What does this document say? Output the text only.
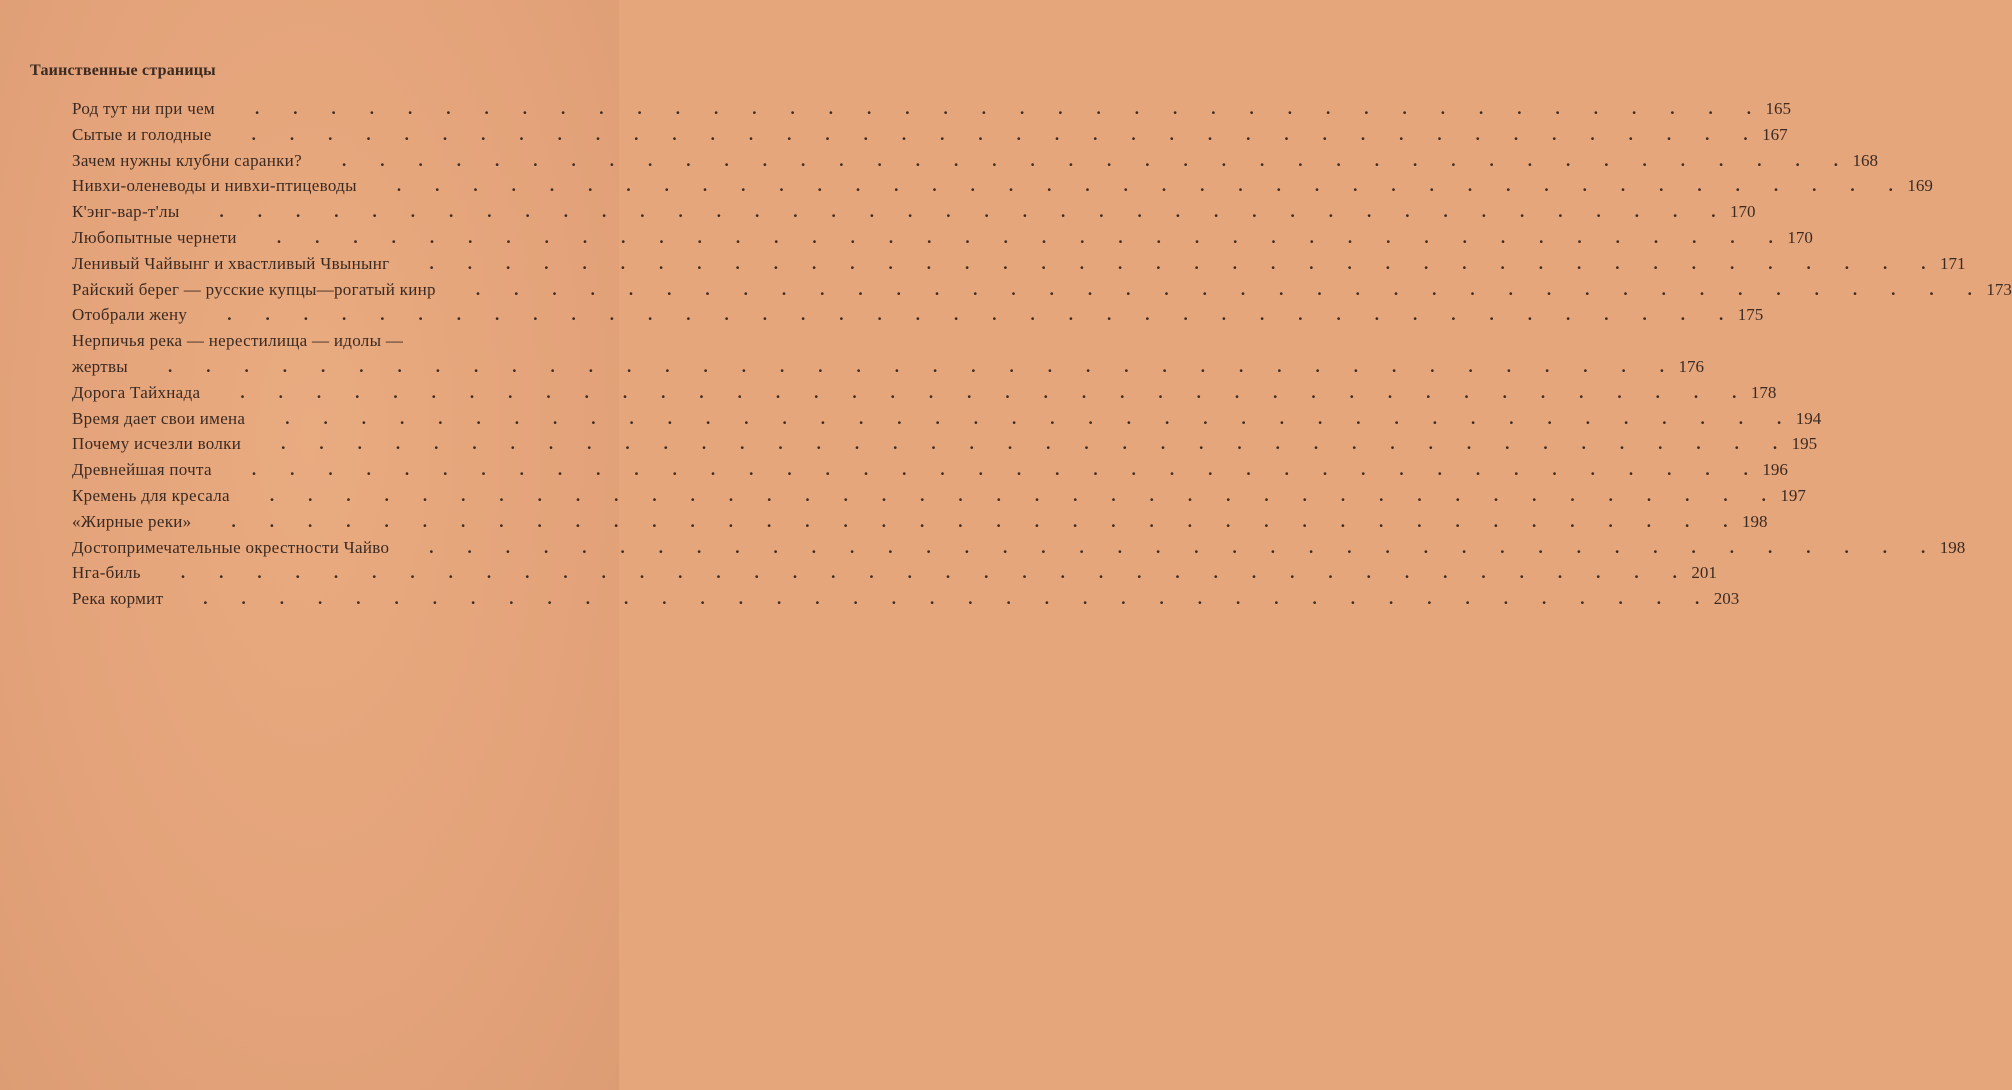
Таинственные страницы
Род тут ни при чем .  .  .  .  .  .  .  .  .  .  .  .  .  .  .  .  .  .  .  .  .  .  .  .  .  .  .  .  .  .  .  .  .  .  .  .  .  .  .  .   165
Сытые и голодные .  .  .  .  .  .  .  .  .  .  .  .  .  .  .  .  .  .  .  .  .  .  .  .  .  .  .  .  .  .  .  .  .  .  .  .  .  .  .  .   167
Зачем нужны клубни саранки? .  .  .  .  .  .  .  .  .  .  .  .  .  .  .  .  .  .  .  .  .  .  .  .  .  .  .  .  .  .  .  .  .  .  .  .  .  .  .  .   168
Нивхи-оленеводы и нивхи-птицеводы .  .  .  .  .  .  .  .  .  .  .  .  .  .  .  .  .  .  .  .  .  .  .  .  .  .  .  .  .  .  .  .  .  .  .  .  .  .  .  .   169
К'энг-вар-т'лы .  .  .  .  .  .  .  .  .  .  .  .  .  .  .  .  .  .  .  .  .  .  .  .  .  .  .  .  .  .  .  .  .  .  .  .  .  .  .  .   170
Любопытные чернети .  .  .  .  .  .  .  .  .  .  .  .  .  .  .  .  .  .  .  .  .  .  .  .  .  .  .  .  .  .  .  .  .  .  .  .  .  .  .  .   170
Ленивый Чайвынг и хвастливый Чвынынг .  .  .  .  .  .  .  .  .  .  .  .  .  .  .  .  .  .  .  .  .  .  .  .  .  .  .  .  .  .  .  .  .  .  .  .  .  .  .  .   171
Райский берег — русские купцы—рогатый кинр .  .  .  .  .  .  .  .  .  .  .  .  .  .  .  .  .  .  .  .  .  .  .  .  .  .  .  .  .  .  .  .  .  .  .  .  .  .  .  .   173
Отобрали жену .  .  .  .  .  .  .  .  .  .  .  .  .  .  .  .  .  .  .  .  .  .  .  .  .  .  .  .  .  .  .  .  .  .  .  .  .  .  .  .   175
Нерпичья река — нерестилища — идолы —
жертвы .  .  .  .  .  .  .  .  .  .  .  .  .  .  .  .  .  .  .  .  .  .  .  .  .  .  .  .  .  .  .  .  .  .  .  .  .  .  .  .   176
Дорога Тайхнада .  .  .  .  .  .  .  .  .  .  .  .  .  .  .  .  .  .  .  .  .  .  .  .  .  .  .  .  .  .  .  .  .  .  .  .  .  .  .  .   178
Время дает свои имена .  .  .  .  .  .  .  .  .  .  .  .  .  .  .  .  .  .  .  .  .  .  .  .  .  .  .  .  .  .  .  .  .  .  .  .  .  .  .  .   194
Почему исчезли волки .  .  .  .  .  .  .  .  .  .  .  .  .  .  .  .  .  .  .  .  .  .  .  .  .  .  .  .  .  .  .  .  .  .  .  .  .  .  .  .   195
Древнейшая почта .  .  .  .  .  .  .  .  .  .  .  .  .  .  .  .  .  .  .  .  .  .  .  .  .  .  .  .  .  .  .  .  .  .  .  .  .  .  .  .   196
Кремень для кресала .  .  .  .  .  .  .  .  .  .  .  .  .  .  .  .  .  .  .  .  .  .  .  .  .  .  .  .  .  .  .  .  .  .  .  .  .  .  .  .   197
«Жирные реки» .  .  .  .  .  .  .  .  .  .  .  .  .  .  .  .  .  .  .  .  .  .  .  .  .  .  .  .  .  .  .  .  .  .  .  .  .  .  .  .   198
Достопримечательные окрестности Чайво .  .  .  .  .  .  .  .  .  .  .  .  .  .  .  .  .  .  .  .  .  .  .  .  .  .  .  .  .  .  .  .  .  .  .  .  .  .  .  .   198
Нга-биль .  .  .  .  .  .  .  .  .  .  .  .  .  .  .  .  .  .  .  .  .  .  .  .  .  .  .  .  .  .  .  .  .  .  .  .  .  .  .  .   201
Река кормит .  .  .  .  .  .  .  .  .  .  .  .  .  .  .  .  .  .  .  .  .  .  .  .  .  .  .  .  .  .  .  .  .  .  .  .  .  .  .  .   203
